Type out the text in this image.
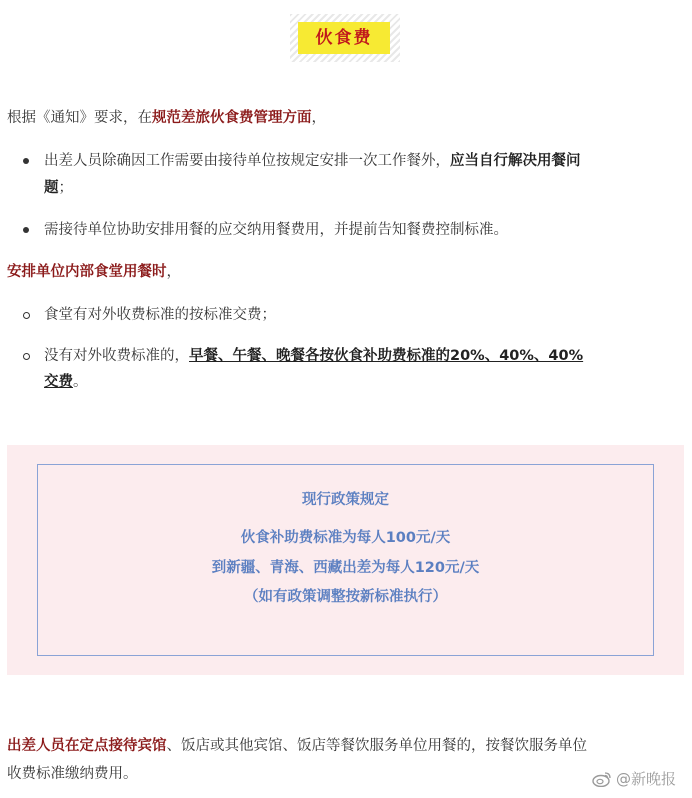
伙食费
根据《通知》要求，在规范差旅伙食费管理方面，
出差人员除确因工作需要由接待单位按规定安排一次工作餐外，应当自行解决用餐问
题；
需接待单位协助安排用餐的应交纳用餐费用，并提前告知餐费控制标准。
安排单位内部食堂用餐时，
食堂有对外收费标准的按标准交费；
没有对外收费标准的，早餐、午餐、晚餐各按伙食补助费标准的20%、40%、40%
交费。
现行政策规定
伙食补助费标准为每人100元/天
到新疆、青海、西藏出差为每人120元/天
（如有政策调整按新标准执行）
出差人员在定点接待宾馆、饭店或其他宾馆、饭店等餐饮服务单位用餐的，按餐饮服务单位
收费标准缴纳费用。	@新晚报
